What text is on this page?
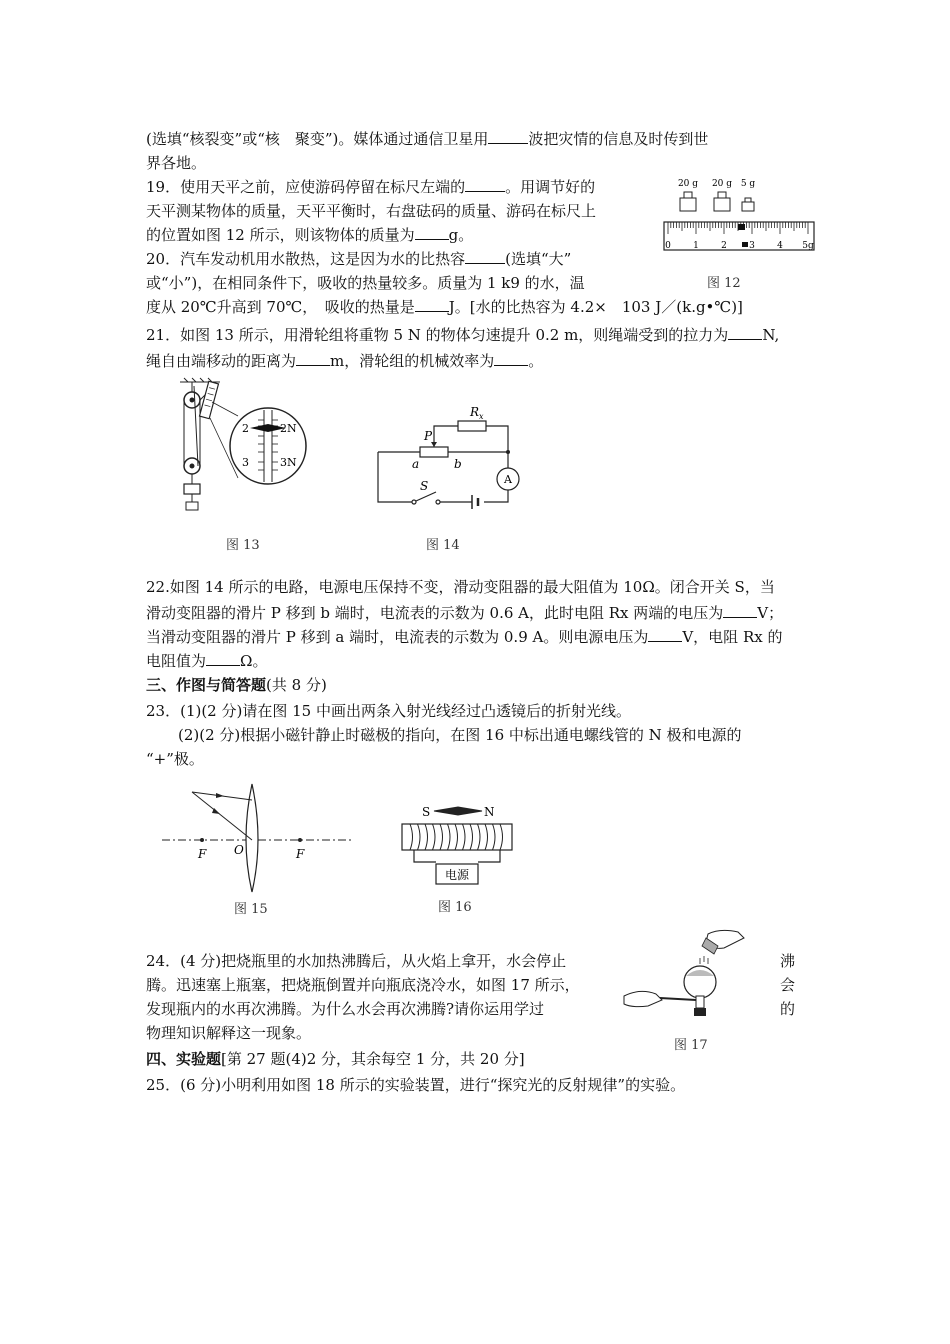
(选填“核裂变”或“核　聚变”)。媒体通过通信卫星用	波把灾情的信息及时传到世
界各地。
19．使用天平之前，应使游码停留在标尺左端的	。用调节好的
天平测某物体的质量，天平平衡时，右盘砝码的质量、游码在标尺上
的位置如图 12 所示，则该物体的质量为 g。
20 g 20 g 5 g
0 1 2 3 4 5g
图 12
20．汽车发动机用水散热，这是因为水的比热容	(选填“大”
或“小”)，在相同条件下，吸收的热量较多。质量为 1 k9 的水，温
度从 20℃升高到 70℃，　吸收的热量是 J。[水的比热容为 4.2×　103 J／(k.g•℃)]
21．如图 13 所示，用滑轮组将重物 5 N 的物体匀速提升 0.2 m，则绳端受到的拉力为 N,
绳自由端移动的距离为 m，滑轮组的机械效率为 。
2	2N
3	3N
图 13
A
$R_x$
P
a	b
S
图 14
22.如图 14 所示的电路，电源电压保持不变，滑动变阻器的最大阻值为 10Ω。闭合开关 S，当
滑动变阻器的滑片 P 移到 b 端时，电流表的示数为 0.6 A，此时电阻 Rx 两端的电压为 V；
当滑动变阻器的滑片 P 移到 a 端时，电流表的示数为 0.9 A。则电源电压为 V，电阻 Rx 的
电阻值为 Ω。
三、作图与简答题(共 8 分)
23．(1)(2 分)请在图 15 中画出两条入射光线经过凸透镜后的折射光线。
(2)(2 分)根据小磁针静止时磁极的指向，在图 16 中标出通电螺线管的 N 极和电源的
“+”极。
F O	F
图 15
S	N
电源
图 16
24．(4 分)把烧瓶里的水加热沸腾后，从火焰上拿开，水会停止
腾。迅速塞上瓶塞，把烧瓶倒置并向瓶底浇冷水，如图 17 所示，
发现瓶内的水再次沸腾。为什么水会再次沸腾?请你运用学过
物理知识解释这一现象。
沸
会
的
图 17
四、实验题[第 27 题(4)2 分，其余每空 1 分，共 20 分]
25．(6 分)小明利用如图 18 所示的实验装置，进行“探究光的反射规律”的实验。
